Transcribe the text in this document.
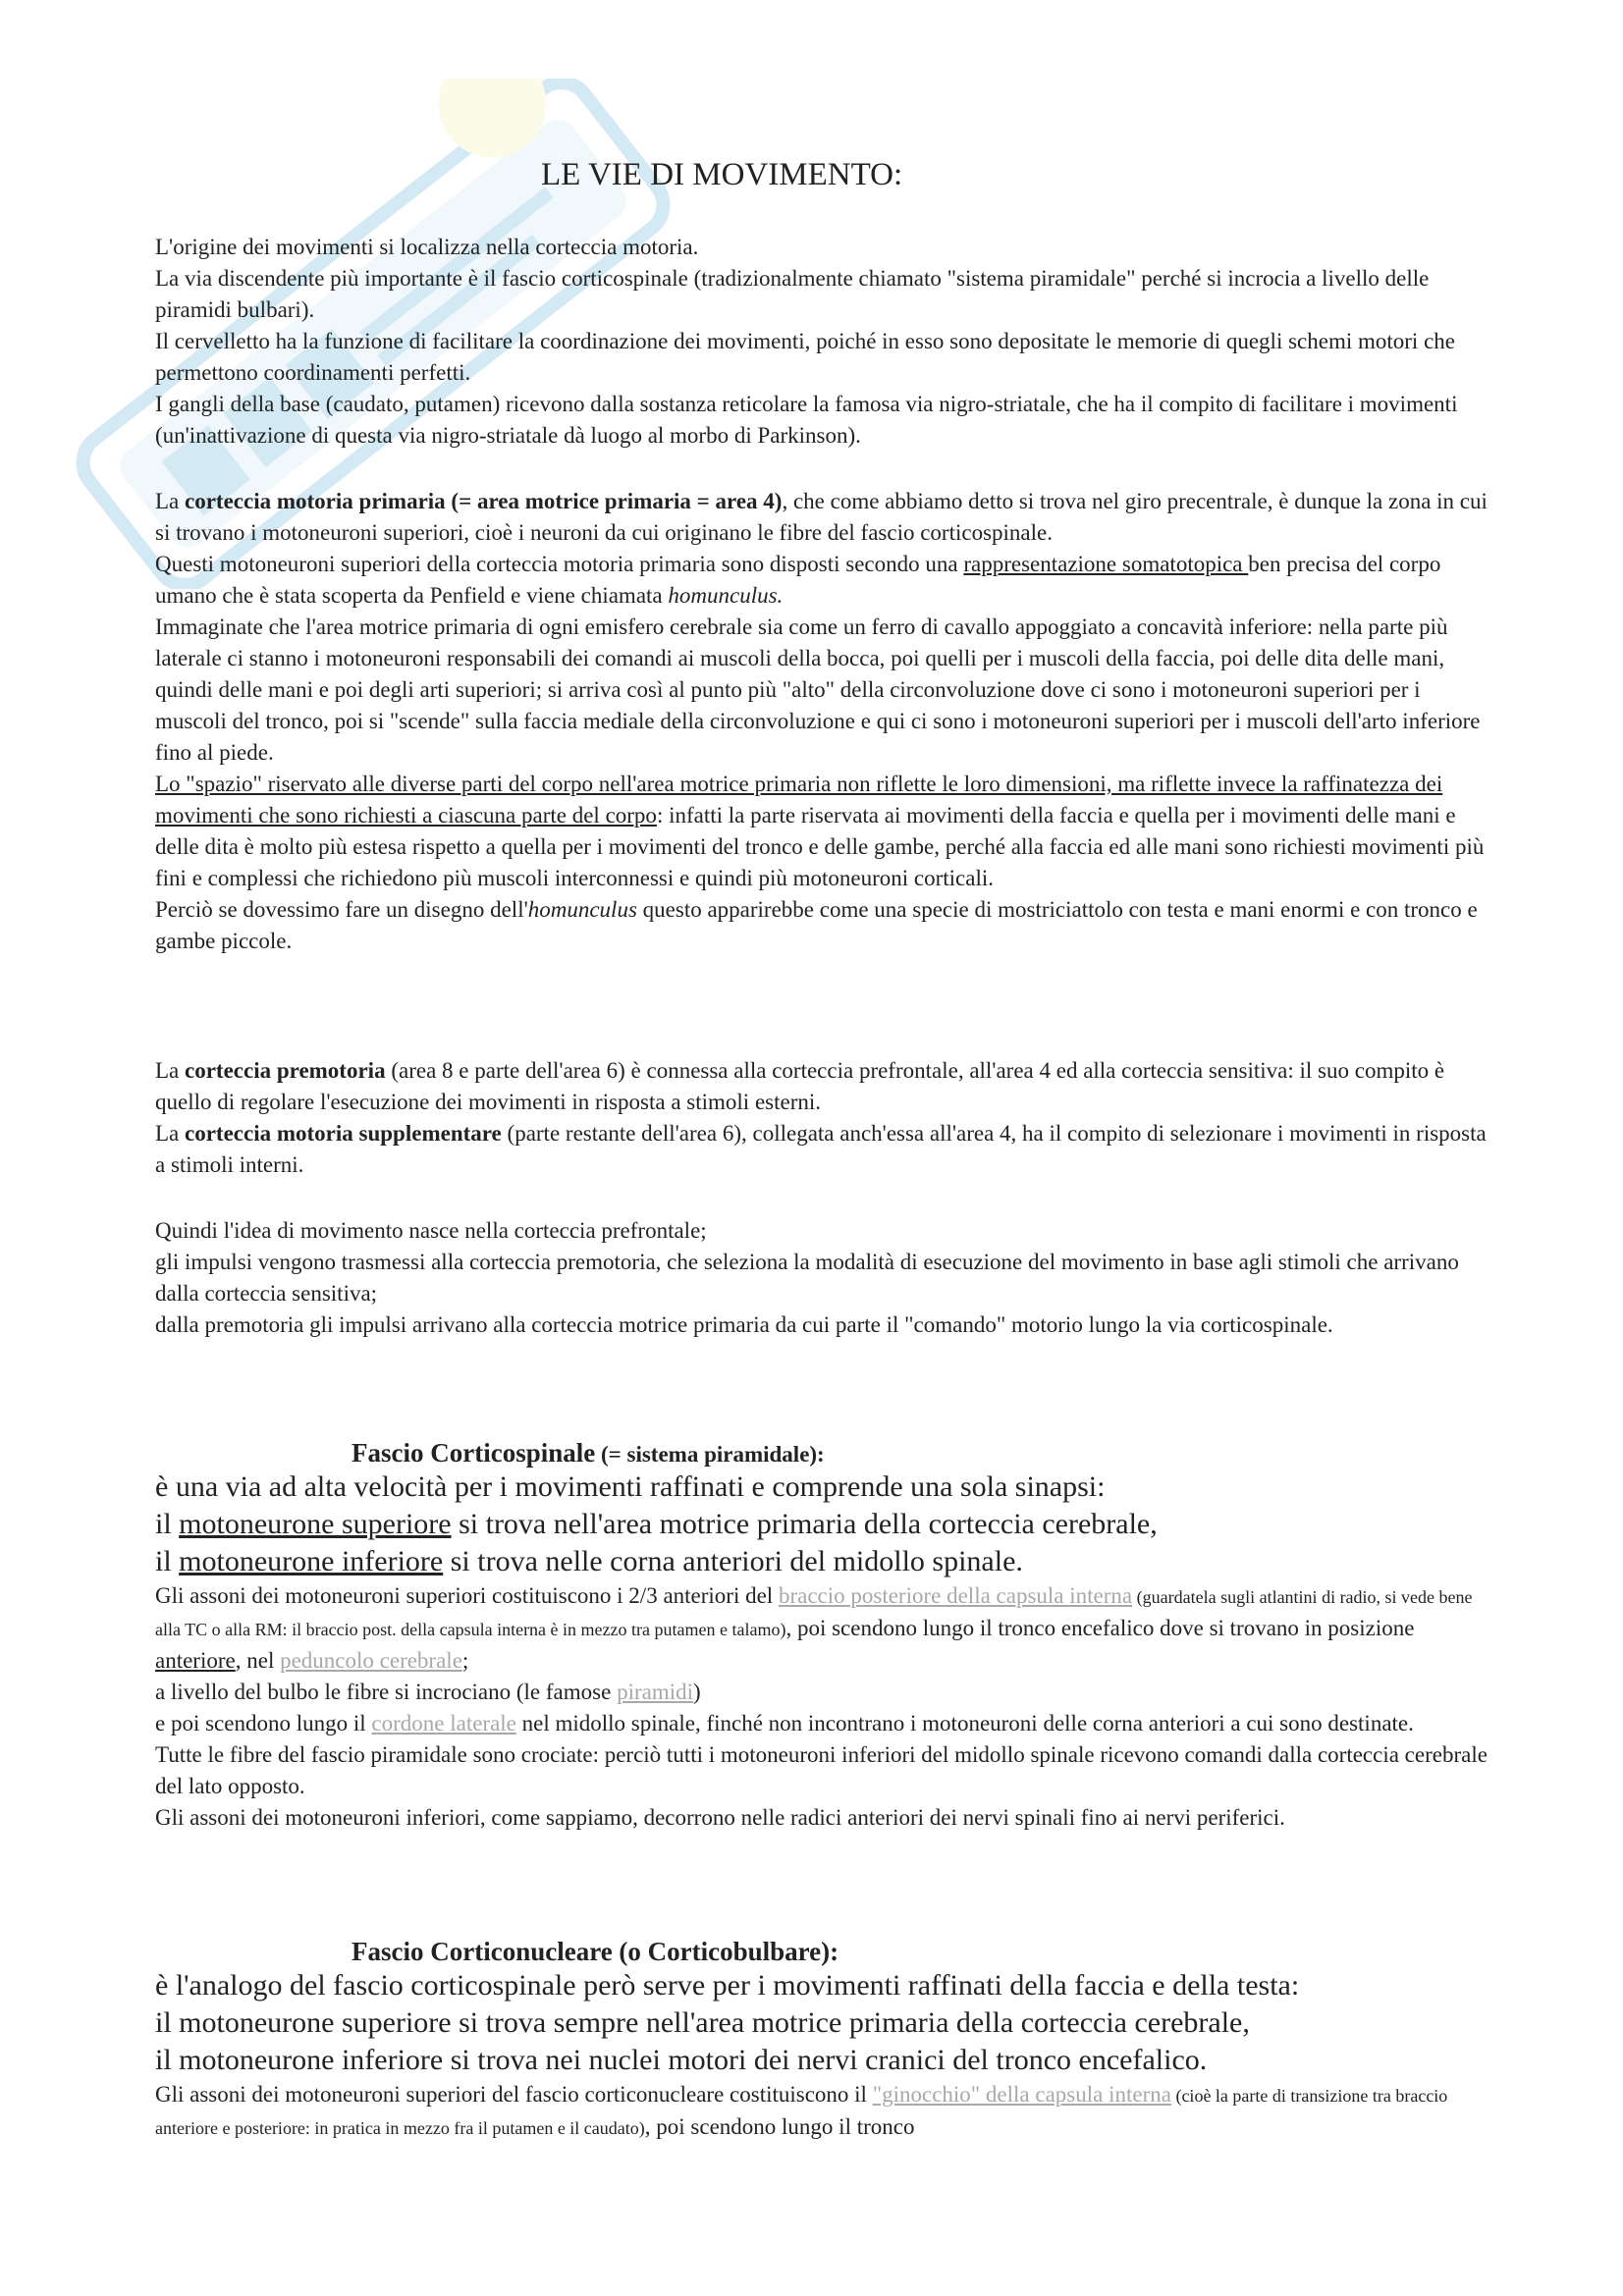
LE VIE DI MOVIMENTO:

L'origine dei movimenti si localizza nella corteccia motoria.

La via discendente più importante è il fascio corticospinale (tradizionalmente chiamato "sistema piramidale" perché si incrocia a livello delle piramidi bulbari).

Il cervelletto ha la funzione di facilitare la coordinazione dei movimenti, poiché in esso sono depositate le memorie di quegli schemi motori che permettono coordinamenti perfetti.

I gangli della base (caudato, putamen) ricevono dalla sostanza reticolare la famosa via nigro-striatale, che ha il compito di facilitare i movimenti (un'inattivazione di questa via nigro-striatale dà luogo al morbo di Parkinson).

La corteccia motoria primaria (= area motrice primaria = area 4), che come abbiamo detto si trova nel giro precentrale, è dunque la zona in cui si trovano i motoneuroni superiori, cioè i neuroni da cui originano le fibre del fascio corticospinale.

Questi motoneuroni superiori della corteccia motoria primaria sono disposti secondo una rappresentazione somatotopica ben precisa del corpo umano che è stata scoperta da Penfield e viene chiamata homunculus.

Immaginate che l'area motrice primaria di ogni emisfero cerebrale sia come un ferro di cavallo appoggiato a concavità inferiore: nella parte più laterale ci stanno i motoneuroni responsabili dei comandi ai muscoli della bocca, poi quelli per i muscoli della faccia, poi delle dita delle mani, quindi delle mani e poi degli arti superiori; si arriva così al punto più "alto" della circonvoluzione dove ci sono i motoneuroni superiori per i muscoli del tronco, poi si "scende" sulla faccia mediale della circonvoluzione e qui ci sono i motoneuroni superiori per i muscoli dell'arto inferiore fino al piede.

Lo "spazio" riservato alle diverse parti del corpo nell'area motrice primaria non riflette le loro dimensioni, ma riflette invece la raffinatezza dei movimenti che sono richiesti a ciascuna parte del corpo: infatti la parte riservata ai movimenti della faccia e quella per i movimenti delle mani e delle dita è molto più estesa rispetto a quella per i movimenti del tronco e delle gambe, perché alla faccia ed alle mani sono richiesti movimenti più fini e complessi che richiedono più muscoli interconnessi e quindi più motoneuroni corticali.

Perciò se dovessimo fare un disegno dell'homunculus questo apparirebbe come una specie di mostriciattolo con testa e mani enormi e con tronco e gambe piccole.

La corteccia premotoria (area 8 e parte dell'area 6) è connessa alla corteccia prefrontale, all'area 4 ed alla corteccia sensitiva: il suo compito è quello di regolare l'esecuzione dei movimenti in risposta a stimoli esterni.

La corteccia motoria supplementare (parte restante dell'area 6), collegata anch'essa all'area 4, ha il compito di selezionare i movimenti in risposta a stimoli interni.

Quindi l'idea di movimento nasce nella corteccia prefrontale;

gli impulsi vengono trasmessi alla corteccia premotoria, che seleziona la modalità di esecuzione del movimento in base agli stimoli che arrivano dalla corteccia sensitiva;

dalla premotoria gli impulsi arrivano alla corteccia motrice primaria da cui parte il "comando" motorio lungo la via corticospinale.

Fascio Corticospinale (= sistema piramidale):

è una via ad alta velocità per i movimenti raffinati e comprende una sola sinapsi:

il motoneurone superiore si trova nell'area motrice primaria della corteccia cerebrale,

il motoneurone inferiore si trova nelle corna anteriori del midollo spinale.

Gli assoni dei motoneuroni superiori costituiscono i 2/3 anteriori del braccio posteriore della capsula interna (guardatela sugli atlantini di radio, si vede bene alla TC o alla RM: il braccio post. della capsula interna è in mezzo tra putamen e talamo), poi scendono lungo il tronco encefalico dove si trovano in posizione anteriore, nel peduncolo cerebrale;

a livello del bulbo le fibre si incrociano (le famose piramidi)

e poi scendono lungo il cordone laterale nel midollo spinale, finché non incontrano i motoneuroni delle corna anteriori a cui sono destinate.

Tutte le fibre del fascio piramidale sono crociate: perciò tutti i motoneuroni inferiori del midollo spinale ricevono comandi dalla corteccia cerebrale del lato opposto.

Gli assoni dei motoneuroni inferiori, come sappiamo, decorrono nelle radici anteriori dei nervi spinali fino ai nervi periferici.

Fascio Corticonucleare (o Corticobulbare):

è l'analogo del fascio corticospinale però serve per i movimenti raffinati della faccia e della testa:

il motoneurone superiore si trova sempre nell'area motrice primaria della corteccia cerebrale,

il motoneurone inferiore si trova nei nuclei motori dei nervi cranici del tronco encefalico.

Gli assoni dei motoneuroni superiori del fascio corticonucleare costituiscono il "ginocchio" della capsula interna (cioè la parte di transizione tra braccio anteriore e posteriore: in pratica in mezzo fra il putamen e il caudato), poi scendono lungo il tronco
